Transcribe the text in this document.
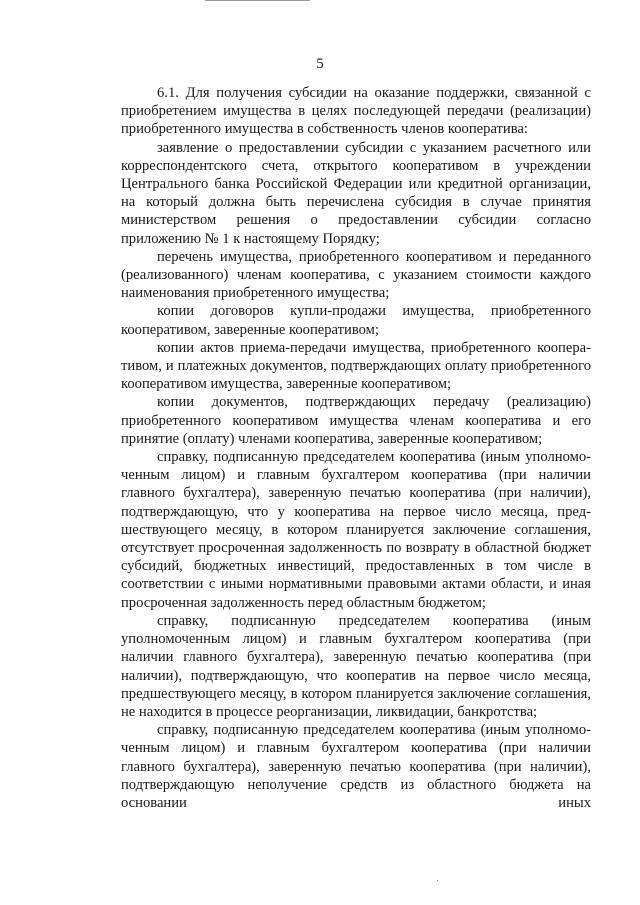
5

6.1. Для получения субсидии на оказание поддержки, связанной с приобретением имущества в целях последующей передачи (реализации) приобретенного имущества в собственность членов кооператива:

заявление о предоставлении субсидии с указанием расчетного или корреспондентского счета, открытого кооперативом в учреждении Центрального банка Российской Федерации или кредитной организации, на который должна быть перечислена субсидия в случае принятия министерством решения о предоставлении субсидии согласно приложению № 1 к настоящему Порядку;

перечень имущества, приобретенного кооперативом и переданного (реализованного) членам кооператива, с указанием стоимости каждого наименования приобретенного имущества;

копии договоров купли-продажи имущества, приобретенного кооперативом, заверенные кооперативом;

копии актов приема-передачи имущества, приобретенного кооперативом, и платежных документов, подтверждающих оплату приобретенного кооперативом имущества, заверенные кооперативом;

копии документов, подтверждающих передачу (реализацию) приобретенного кооперативом имущества членам кооператива и его принятие (оплату) членами кооператива, заверенные кооперативом;

справку, подписанную председателем кооператива (иным уполномоченным лицом) и главным бухгалтером кооператива (при наличии главного бухгалтера), заверенную печатью кооператива (при наличии), подтверждающую, что у кооператива на первое число месяца, предшествующего месяцу, в котором планируется заключение соглашения, отсутствует просроченная задолженность по возврату в областной бюджет субсидий, бюджетных инвестиций, предоставленных в том числе в соответствии с иными нормативными правовыми актами области, и иная просроченная задолженность перед областным бюджетом;

справку, подписанную председателем кооператива (иным уполномоченным лицом) и главным бухгалтером кооператива (при наличии главного бухгалтера), заверенную печатью кооператива (при наличии), подтверждающую, что кооператив на первое число месяца, предшествующего месяцу, в котором планируется заключение соглашения, не находится в процессе реорганизации, ликвидации, банкротства;

справку, подписанную председателем кооператива (иным уполномоченным лицом) и главным бухгалтером кооператива (при наличии главного бухгалтера), заверенную печатью кооператива (при наличии), подтверждающую неполучение средств из областного бюджета на основании иных
